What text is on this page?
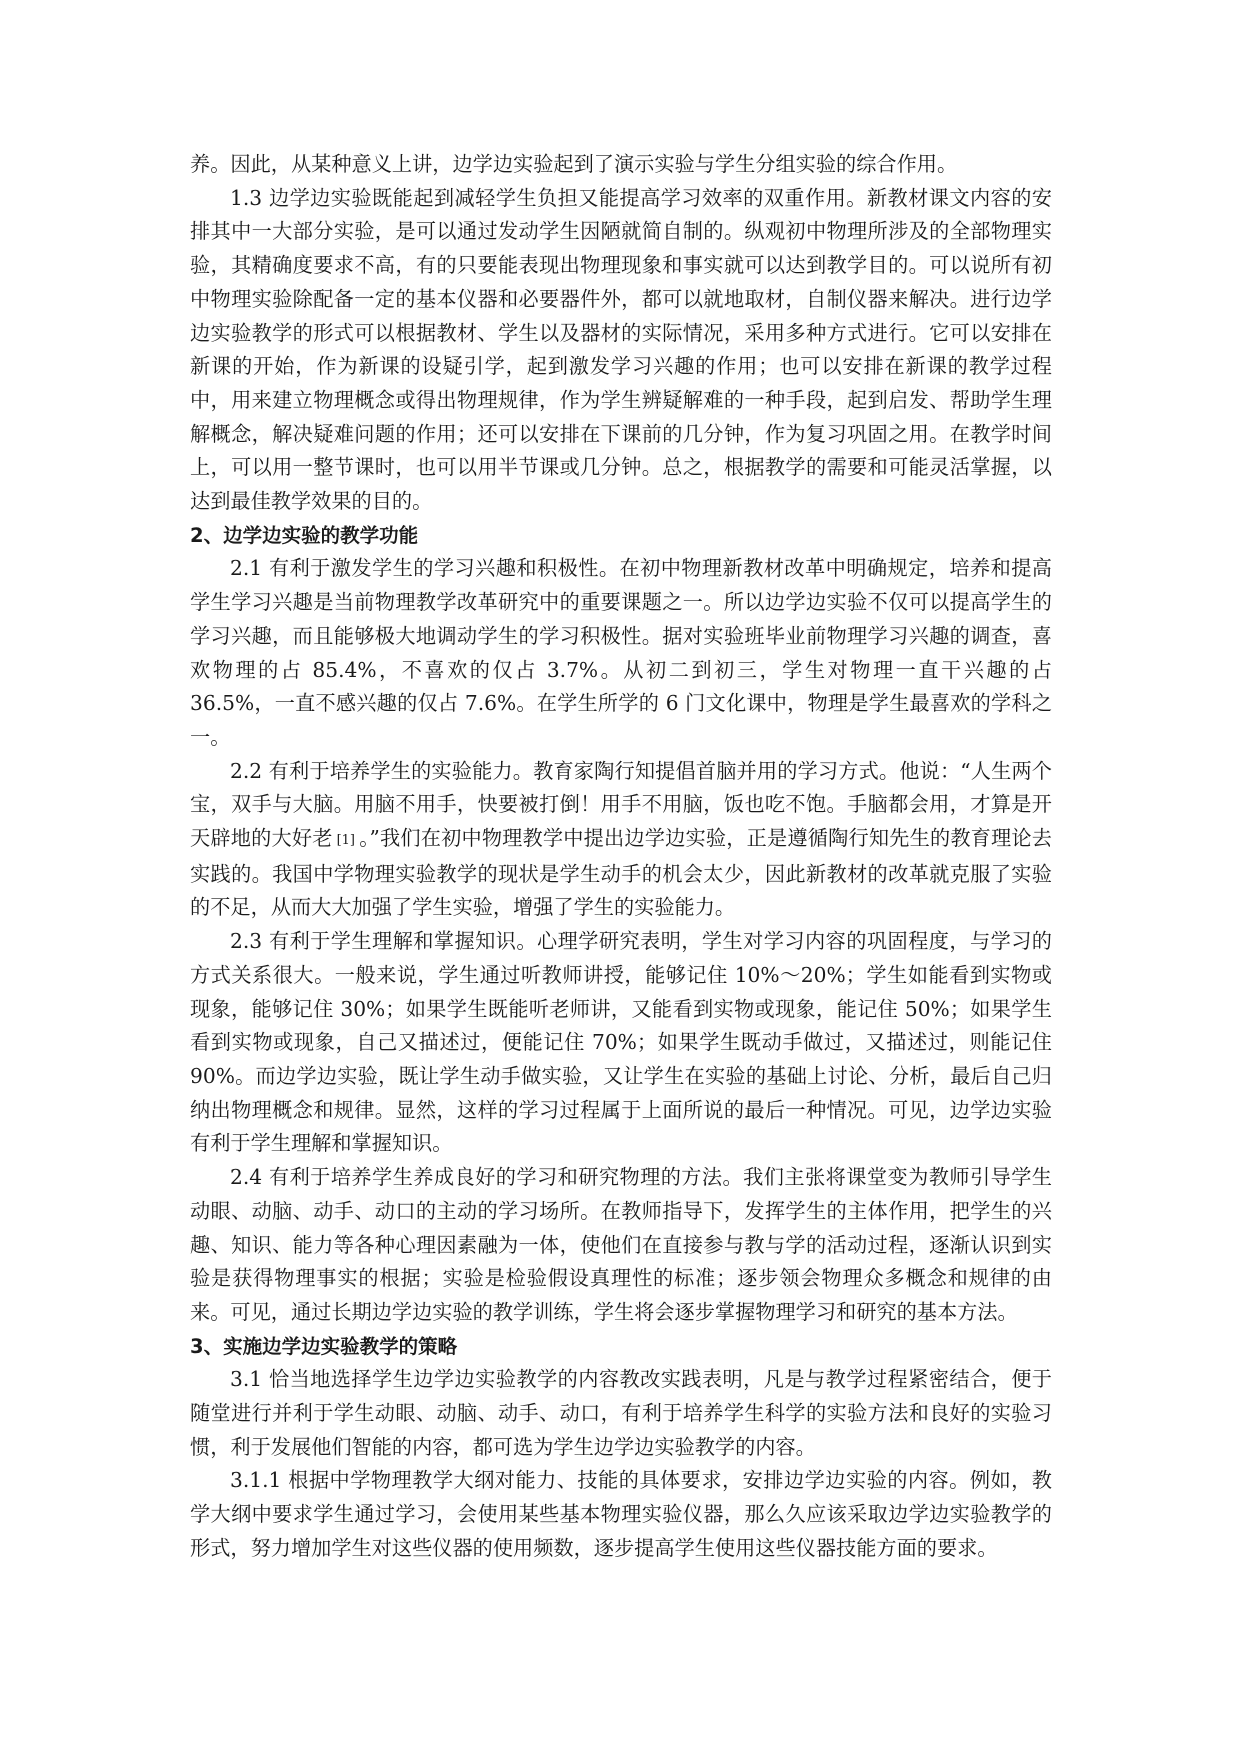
养。因此，从某种意义上讲，边学边实验起到了演示实验与学生分组实验的综合作用。

1.3 边学边实验既能起到减轻学生负担又能提高学习效率的双重作用。新教材课文内容的安排其中一大部分实验，是可以通过发动学生因陋就简自制的。纵观初中物理所涉及的全部物理实验，其精确度要求不高，有的只要能表现出物理现象和事实就可以达到教学目的。可以说所有初中物理实验除配备一定的基本仪器和必要器件外，都可以就地取材，自制仪器来解决。进行边学边实验教学的形式可以根据教材、学生以及器材的实际情况，采用多种方式进行。它可以安排在新课的开始，作为新课的设疑引学，起到激发学习兴趣的作用；也可以安排在新课的教学过程中，用来建立物理概念或得出物理规律，作为学生辨疑解难的一种手段，起到启发、帮助学生理解概念，解决疑难问题的作用；还可以安排在下课前的几分钟，作为复习巩固之用。在教学时间上，可以用一整节课时，也可以用半节课或几分钟。总之，根据教学的需要和可能灵活掌握，以达到最佳教学效果的目的。

2、边学边实验的教学功能

2.1 有利于激发学生的学习兴趣和积极性。在初中物理新教材改革中明确规定，培养和提高学生学习兴趣是当前物理教学改革研究中的重要课题之一。所以边学边实验不仅可以提高学生的学习兴趣，而且能够极大地调动学生的学习积极性。据对实验班毕业前物理学习兴趣的调查，喜欢物理的占 85.4%，不喜欢的仅占 3.7%。从初二到初三，学生对物理一直干兴趣的占 36.5%，一直不感兴趣的仅占 7.6%。在学生所学的 6 门文化课中，物理是学生最喜欢的学科之一。

2.2 有利于培养学生的实验能力。教育家陶行知提倡首脑并用的学习方式。他说：“人生两个宝，双手与大脑。用脑不用手，快要被打倒！用手不用脑，饭也吃不饱。手脑都会用，才算是开天辟地的大好老 [1] 。”我们在初中物理教学中提出边学边实验，正是遵循陶行知先生的教育理论去实践的。我国中学物理实验教学的现状是学生动手的机会太少，因此新教材的改革就克服了实验的不足，从而大大加强了学生实验，增强了学生的实验能力。

2.3 有利于学生理解和掌握知识。心理学研究表明，学生对学习内容的巩固程度，与学习的方式关系很大。一般来说，学生通过听教师讲授，能够记住 10%～20%；学生如能看到实物或现象，能够记住 30%；如果学生既能听老师讲，又能看到实物或现象，能记住 50%；如果学生看到实物或现象，自己又描述过，便能记住 70%；如果学生既动手做过，又描述过，则能记住 90%。而边学边实验，既让学生动手做实验，又让学生在实验的基础上讨论、分析，最后自己归纳出物理概念和规律。显然，这样的学习过程属于上面所说的最后一种情况。可见，边学边实验有利于学生理解和掌握知识。

2.4 有利于培养学生养成良好的学习和研究物理的方法。我们主张将课堂变为教师引导学生动眼、动脑、动手、动口的主动的学习场所。在教师指导下，发挥学生的主体作用，把学生的兴趣、知识、能力等各种心理因素融为一体，使他们在直接参与教与学的活动过程，逐渐认识到实验是获得物理事实的根据；实验是检验假设真理性的标准；逐步领会物理众多概念和规律的由来。可见，通过长期边学边实验的教学训练，学生将会逐步掌握物理学习和研究的基本方法。

3、实施边学边实验教学的策略

3.1 恰当地选择学生边学边实验教学的内容教改实践表明，凡是与教学过程紧密结合，便于随堂进行并利于学生动眼、动脑、动手、动口，有利于培养学生科学的实验方法和良好的实验习惯，利于发展他们智能的内容，都可选为学生边学边实验教学的内容。

3.1.1 根据中学物理教学大纲对能力、技能的具体要求，安排边学边实验的内容。例如，教学大纲中要求学生通过学习，会使用某些基本物理实验仪器，那么久应该采取边学边实验教学的形式，努力增加学生对这些仪器的使用频数，逐步提高学生使用这些仪器技能方面的要求。
